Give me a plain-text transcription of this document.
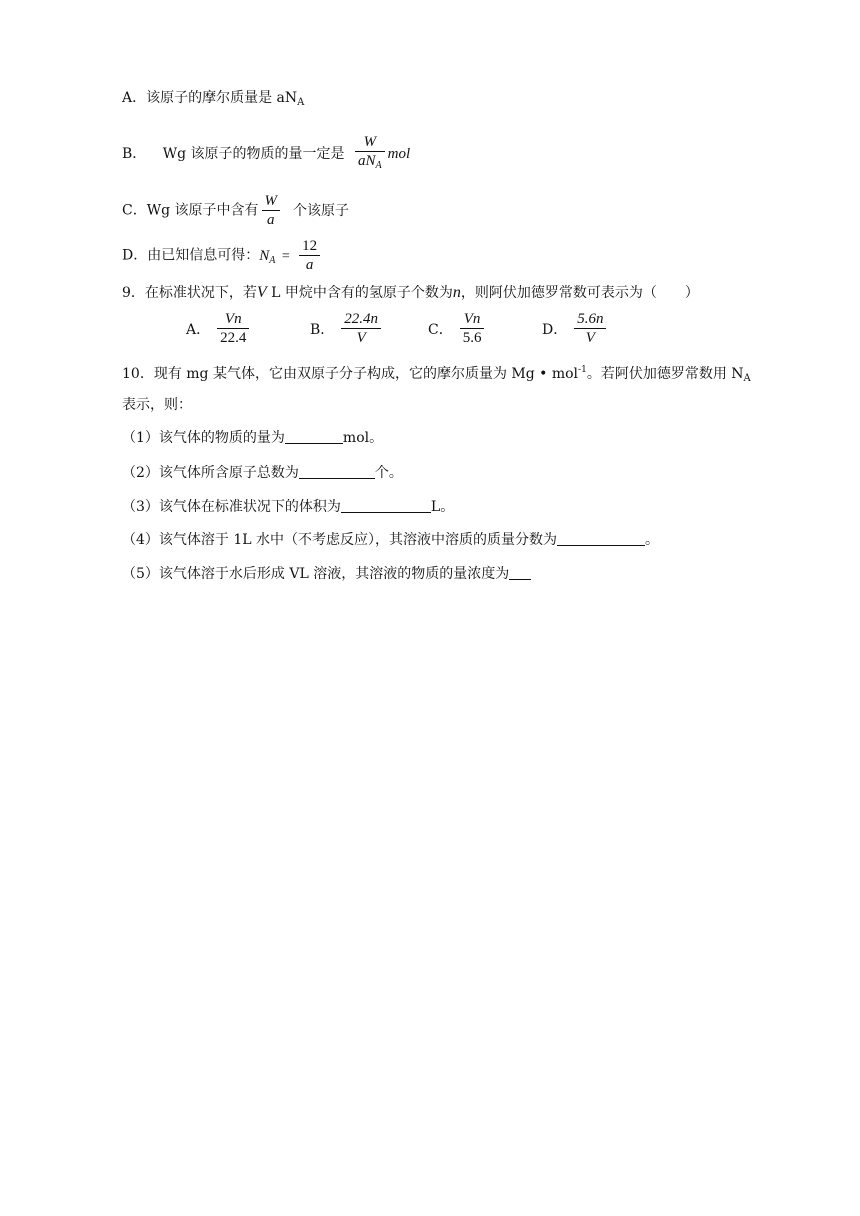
A．该原子的摩尔质量是 $aN_A$
B． Wg 该原子的物质的量一定是 $\frac{W}{aN_A}$ mol
C．Wg 该原子中含有 $\frac{W}{a}$ 个该原子
D．由已知信息可得：$N_A = \frac{12}{a}$
9．在标准状况下，若V L 甲烷中含有的氢原子个数为n，则阿伏加德罗常数可表示为（　　）
A． $\frac{Vn}{22.4}$	B． $\frac{22.4n}{V}$	C． $\frac{Vn}{5.6}$	D． $\frac{5.6n}{V}$
10．现有 mg 某气体，它由双原子分子构成，它的摩尔质量为 Mg • mol$^{-1}$。若阿伏加德罗常数用 $N_A$
表示，则：
（1）该气体的物质的量为	mol。
（2）该气体所含原子总数为	个。
（3）该气体在标准状况下的体积为	L。
（4）该气体溶于 1L 水中（不考虑反应），其溶液中溶质的质量分数为	。
（5）该气体溶于水后形成 VL 溶液，其溶液的物质的量浓度为
